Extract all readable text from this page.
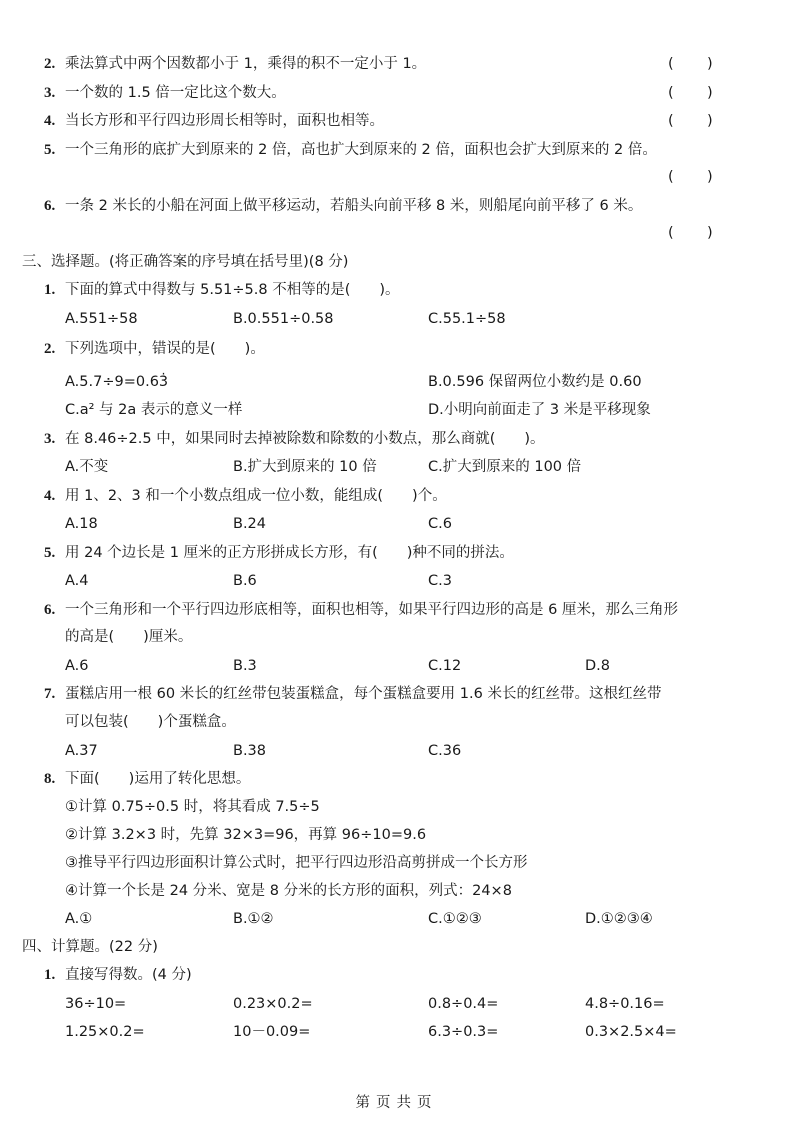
2. 乘法算式中两个因数都小于 1，乘得的积不一定小于 1。	( )
3. 一个数的 1.5 倍一定比这个数大。	( )
4. 当长方形和平行四边形周长相等时，面积也相等。	( )
5. 一个三角形的底扩大到原来的 2 倍，高也扩大到原来的 2 倍，面积也会扩大到原来的 2 倍。
( )
6. 一条 2 米长的小船在河面上做平移运动，若船头向前平移 8 米，则船尾向前平移了 6 米。
( )
三、选择题。(将正确答案的序号填在括号里)(8 分)
1. 下面的算式中得数与 5.51÷5.8 不相等的是(　　)。
A.551÷58	B.0.551÷0.58	C.55.1÷58
2. 下列选项中，错误的是(　　)。
A.5.7÷9=0.63̇	B.0.596 保留两位小数约是 0.60
C.a² 与 2a 表示的意义一样	D.小明向前面走了 3 米是平移现象
3. 在 8.46÷2.5 中，如果同时去掉被除数和除数的小数点，那么商就(　　)。
A.不变	B.扩大到原来的 10 倍	C.扩大到原来的 100 倍
4. 用 1、2、3 和一个小数点组成一位小数，能组成(　　)个。
A.18	B.24	C.6
5. 用 24 个边长是 1 厘米的正方形拼成长方形，有(　　)种不同的拼法。
A.4	B.6	C.3
6. 一个三角形和一个平行四边形底相等，面积也相等，如果平行四边形的高是 6 厘米，那么三角形
的高是(　　)厘米。
A.6	B.3	C.12	D.8
7. 蛋糕店用一根 60 米长的红丝带包装蛋糕盒，每个蛋糕盒要用 1.6 米长的红丝带。这根红丝带
可以包装(　　)个蛋糕盒。
A.37	B.38	C.36
8. 下面(　　)运用了转化思想。
①计算 0.75÷0.5 时，将其看成 7.5÷5
②计算 3.2×3 时，先算 32×3=96，再算 96÷10=9.6
③推导平行四边形面积计算公式时，把平行四边形沿高剪拼成一个长方形
④计算一个长是 24 分米、宽是 8 分米的长方形的面积，列式：24×8
A.①	B.①②	C.①②③	D.①②③④
四、计算题。(22 分)
1. 直接写得数。(4 分)
36÷10=	0.23×0.2=	0.8÷0.4=	4.8÷0.16=
1.25×0.2=	10－0.09=	6.3÷0.3=	0.3×2.5×4=
第页共页
